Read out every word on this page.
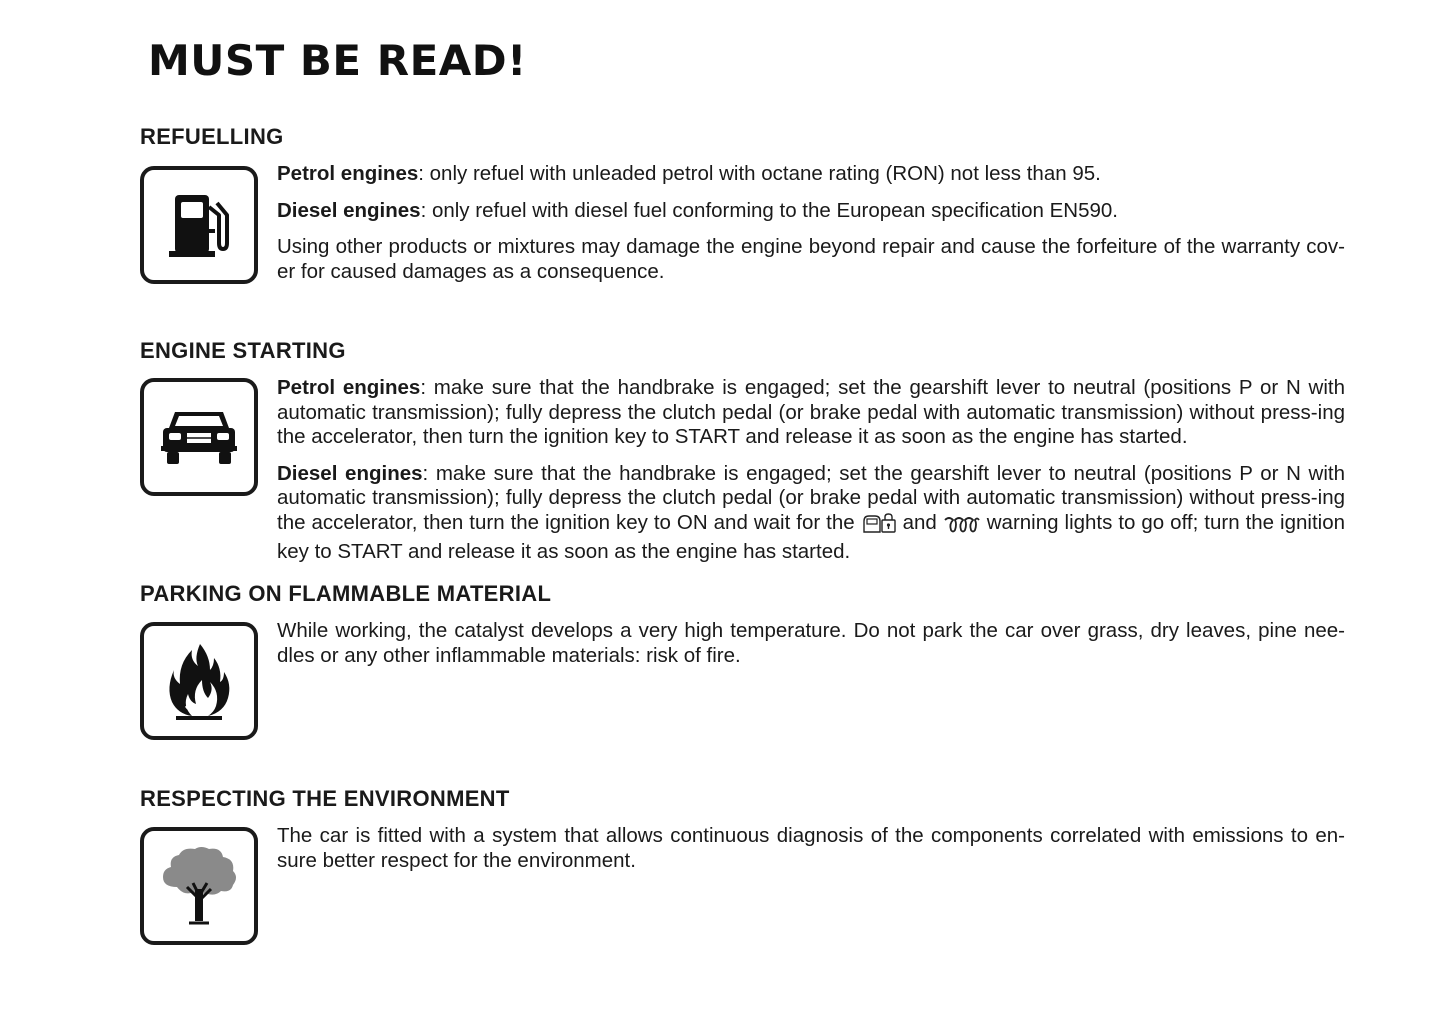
MUST BE READ!
REFUELLING

Petrol engines: only refuel with unleaded petrol with octane rating (RON) not less than 95.

Diesel engines: only refuel with diesel fuel conforming to the European specification EN590.

Using other products or mixtures may damage the engine beyond repair and cause the forfeiture of the warranty cov-er for caused damages as a consequence.

ENGINE STARTING

Petrol engines: make sure that the handbrake is engaged; set the gearshift lever to neutral (positions P or N with automatic transmission); fully depress the clutch pedal (or brake pedal with automatic transmission) without press-ing the accelerator, then turn the ignition key to START and release it as soon as the engine has started.

Diesel engines: make sure that the handbrake is engaged; set the gearshift lever to neutral (positions P or N with automatic transmission); fully depress the clutch pedal (or brake pedal with automatic transmission) without press-ing the accelerator, then turn the ignition key to ON and wait for the  and  warning lights to go off; turn the ignition key to START and release it as soon as the engine has started.

PARKING ON FLAMMABLE MATERIAL

While working, the catalyst develops a very high temperature. Do not park the car over grass, dry leaves, pine nee-dles or any other inflammable materials: risk of fire.

RESPECTING THE ENVIRONMENT

The car is fitted with a system that allows continuous diagnosis of the components correlated with emissions to en-sure better respect for the environment.
